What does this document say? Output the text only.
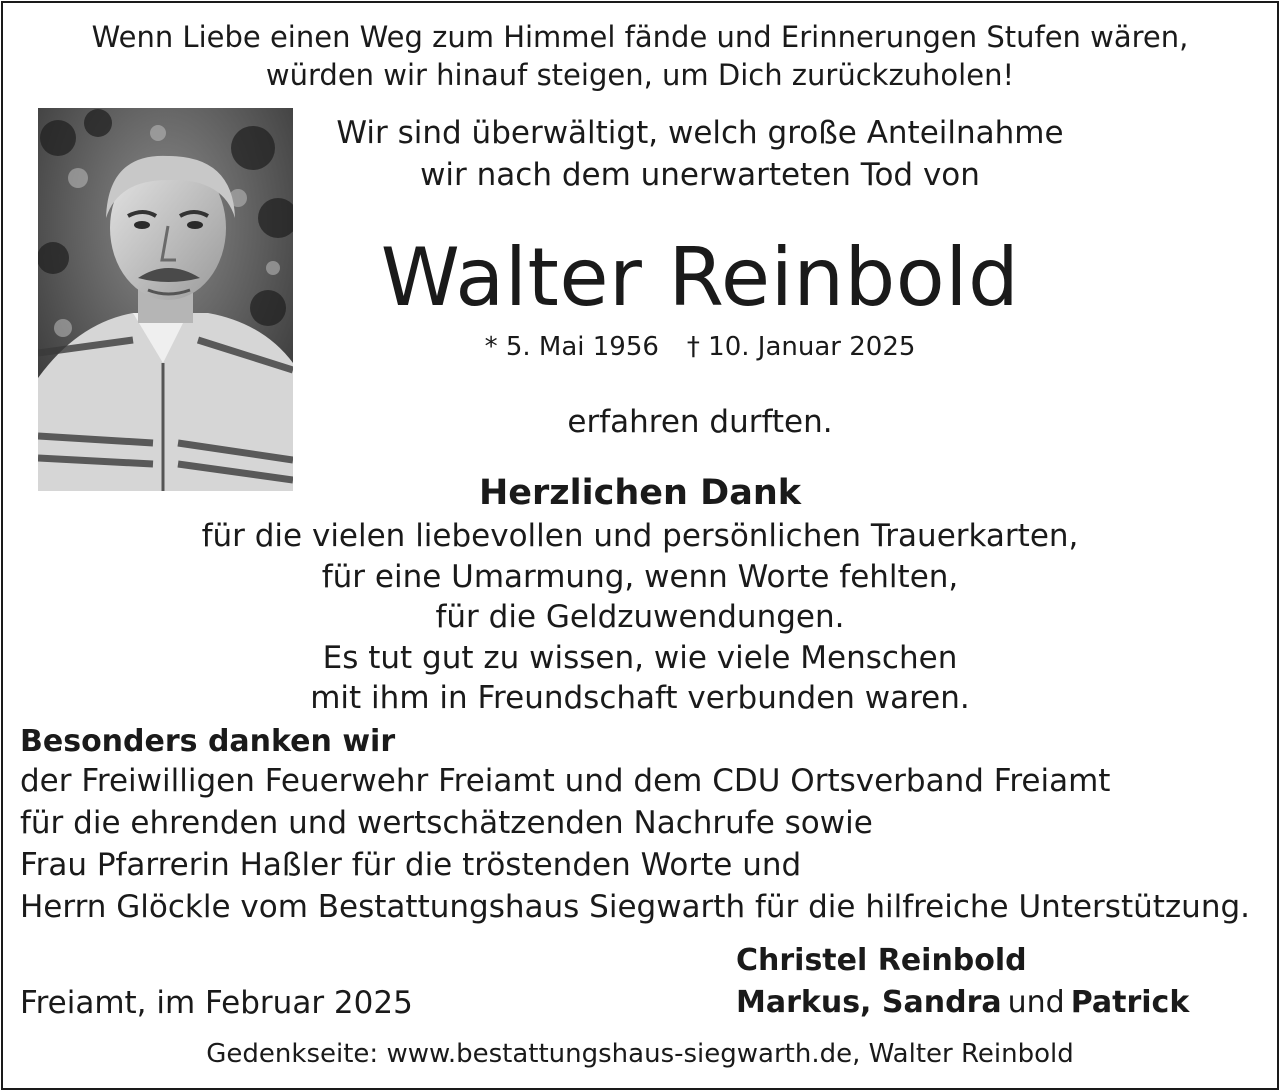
Wenn Liebe einen Weg zum Himmel fände und Erinnerungen Stufen wären,
würden wir hinauf steigen, um Dich zurückzuholen!
Wir sind überwältigt, welch große Anteilnahme
wir nach dem unerwarteten Tod von
Walter Reinbold
* 5. Mai 1956 † 10. Januar 2025
erfahren durften.
Herzlichen Dank
für die vielen liebevollen und persönlichen Trauerkarten,
für eine Umarmung, wenn Worte fehlten,
für die Geldzuwendungen.
Es tut gut zu wissen, wie viele Menschen
mit ihm in Freundschaft verbunden waren.
Besonders danken wir
der Freiwilligen Feuerwehr Freiamt und dem CDU Ortsverband Freiamt
für die ehrenden und wertschätzenden Nachrufe sowie
Frau Pfarrerin Haßler für die tröstenden Worte und
Herrn Glöckle vom Bestattungshaus Siegwarth für die hilfreiche Unterstützung.
Christel Reinbold
Markus, Sandra und Patrick
Freiamt, im Februar 2025
Gedenkseite: www.bestattungshaus-siegwarth.de, Walter Reinbold
